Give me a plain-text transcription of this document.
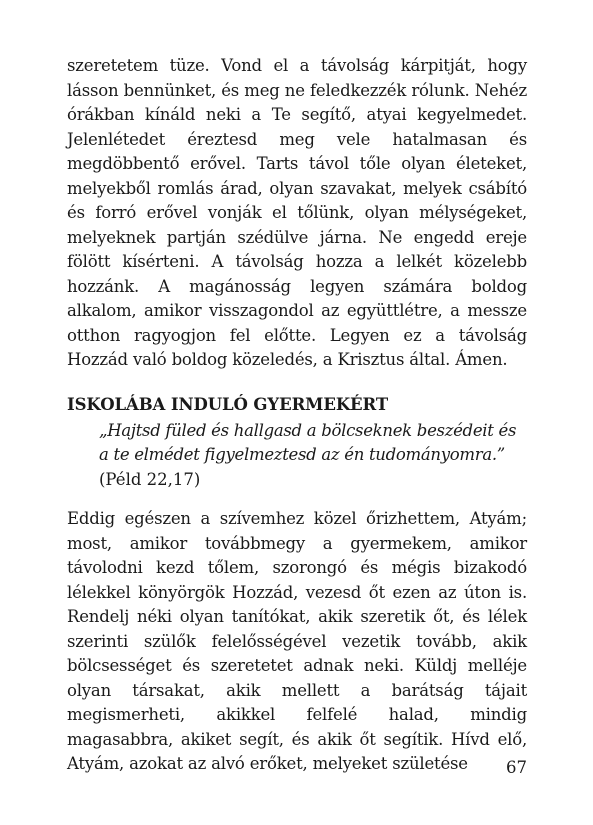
szeretetem tüze. Vond el a távolság kárpitját, hogy lásson bennünket, és meg ne feledkezzék rólunk. Nehéz órákban kínáld neki a Te segítő, atyai kegyelmedet. Jelenlétedet éreztesd meg vele hatalmasan és megdöbbentő erővel. Tarts távol tőle olyan életeket, melyekből romlás árad, olyan szavakat, melyek csábító és forró erővel vonják el tőlünk, olyan mélységeket, melyeknek partján szédülve járna. Ne engedd ereje fölött kísérteni. A távolság hozza a lelkét közelebb hozzánk. A magánosság legyen számára boldog alkalom, amikor visszagondol az együttlétre, a messze otthon ragyogjon fel előtte. Legyen ez a távolság Hozzád való boldog közeledés, a Krisztus által. Ámen.

ISKOLÁBA INDULÓ GYERMEKÉRT
„Hajtsd füled és hallgasd a bölcseknek beszédeit és a te elmédet figyelmeztesd az én tudományomra.”
(Péld 22,17)

Eddig egészen a szívemhez közel őrizhettem, Atyám; most, amikor továbbmegy a gyermekem, amikor távolodni kezd tőlem, szorongó és mégis bizakodó lélekkel könyörgök Hozzád, vezesd őt ezen az úton is. Rendelj néki olyan tanítókat, akik szeretik őt, és lélek szerinti szülők felelősségével vezetik tovább, akik bölcsességet és szeretetet adnak neki. Küldj melléje olyan társakat, akik mellett a barátság tájait megismerheti, akikkel felfelé halad, mindig magasabbra, akiket segít, és akik őt segítik. Hívd elő, Atyám, azokat az alvó erőket, melyeket születése	67
